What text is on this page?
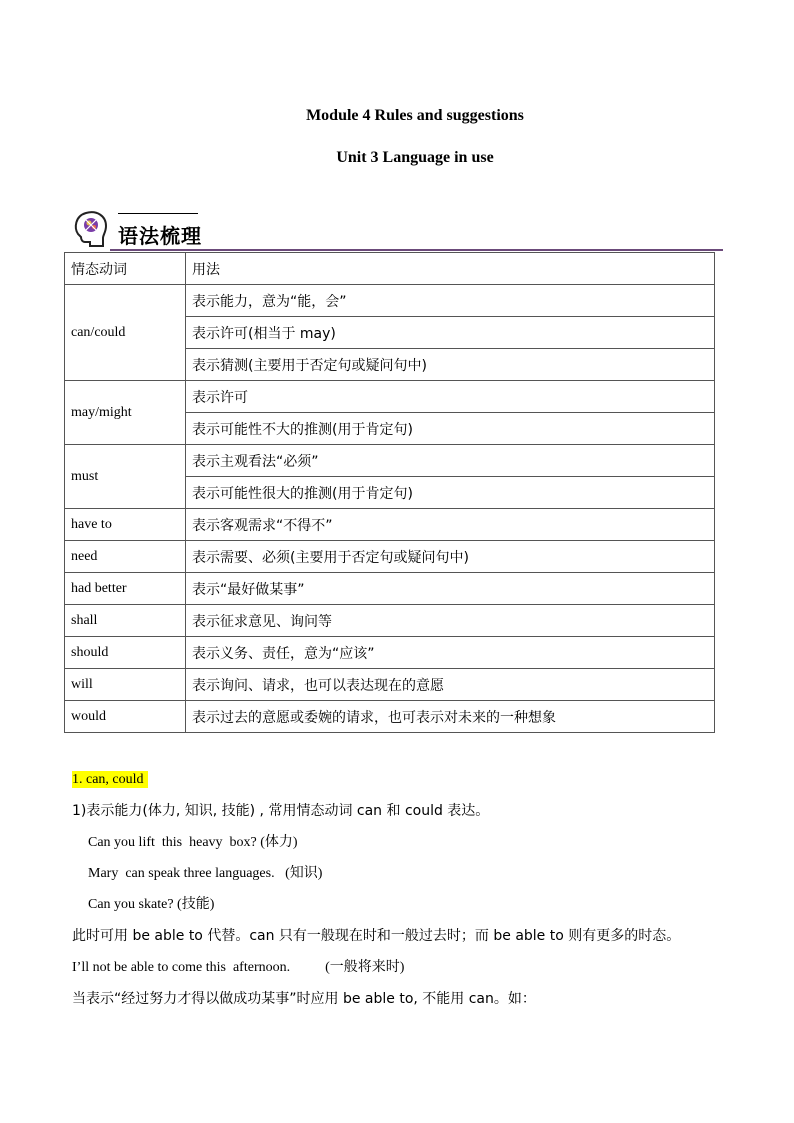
Module 4 Rules and suggestions
Unit 3 Language in use
语法梳理
情态动词	用法
can/could	表示能力，意为“能，会”
	表示许可(相当于 may)
	表示猜测(主要用于否定句或疑问句中)
may/might	表示许可
	表示可能性不大的推测(用于肯定句)
must	表示主观看法“必须”
	表示可能性很大的推测(用于肯定句)
have to	表示客观需求“不得不”
need	表示需要、必须(主要用于否定句或疑问句中)
had better	表示“最好做某事”
shall	表示征求意见、询问等
should	表示义务、责任，意为“应该”
will	表示询问、请求，也可以表达现在的意愿
would	表示过去的意愿或委婉的请求，也可表示对未来的一种想象
1. can, could
1)表示能力(体力, 知识, 技能) , 常用情态动词 can 和 could 表达。
Can you lift  this  heavy  box? (体力)
Mary  can speak three languages.   (知识)
Can you skate? (技能)
此时可用 be able to 代替。can 只有一般现在时和一般过去时；而 be able to 则有更多的时态。
I’ll not be able to come this  afternoon.          (一般将来时)
当表示“经过努力才得以做成功某事”时应用 be able to, 不能用 can。如：
